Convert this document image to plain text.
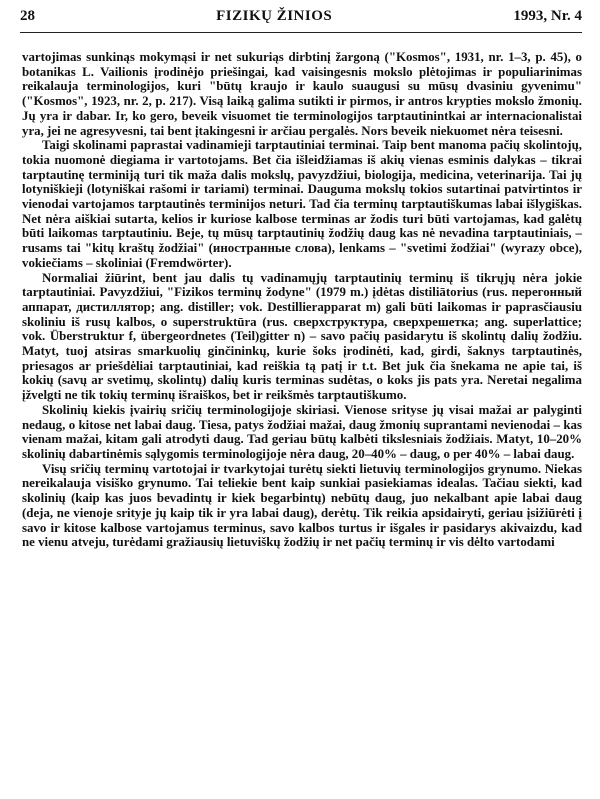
28	FIZIKŲ ŽINIOS	1993, Nr. 4

vartojimas sunkinąs mokymąsi ir net sukuriąs dirbtinį žargoną ("Kosmos", 1931, nr. 1–3, p. 45), o botanikas L. Vailionis įrodinėjo priešingai, kad vaisingesnis mokslo plėtojimas ir populiarinimas reikalauja terminologijos, kuri "būtų kraujo ir kaulo suaugusi su mūsų dvasiniu gyvenimu" ("Kosmos", 1923, nr. 2, p. 217). Visą laiką galima sutikti ir pirmos, ir antros krypties mokslo žmonių. Jų yra ir dabar. Ir, ko gero, beveik visuomet tie terminologijos tarptautinintkai ar internacionalistai yra, jei ne agresyvesni, tai bent įtakingesni ir arčiau pergalės. Nors beveik niekuomet nėra teisesni.

Taigi skolinami paprastai vadinamieji tarptautiniai terminai. Taip bent manoma pačių skolintojų, tokia nuomonė diegiama ir vartotojams. Bet čia išleidžiamas iš akių vienas esminis dalykas – tikrai tarptautinę terminiją turi tik maža dalis mokslų, pavyzdžiui, biologija, medicina, veterinarija. Tai jų lotyniškieji (lotyniškai rašomi ir tariami) terminai. Dauguma mokslų tokios sutartinai patvirtintos ir vienodai vartojamos tarptautinės terminijos neturi. Tad čia terminų tarptautiškumas labai išlygiškas. Net nėra aiškiai sutarta, kelios ir kuriose kalbose terminas ar žodis turi būti vartojamas, kad galėtų būti laikomas tarptautiniu. Beje, tų mūsų tarptautinių žodžių daug kas nė nevadina tarptautiniais, – rusams tai "kitų kraštų žodžiai" (иностранные слова), lenkams – "svetimi žodžiai" (wyrazy obce), vokiečiams – skoliniai (Fremdwörter).

Normaliai žiūrint, bent jau dalis tų vadinamųjų tarptautinių terminų iš tikrųjų nėra jokie tarptautiniai. Pavyzdžiui, "Fizikos terminų žodyne" (1979 m.) įdėtas distiliātorius (rus. перегонный аппарат, дистиллятор; ang. distiller; vok. Destillierapparat m) gali būti laikomas ir paprasčiausiu skoliniu iš rusų kalbos, o superstruktūra (rus. сверхструктура, сверхрешетка; ang. superlattice; vok. Überstruktur f, übergeordnetes (Teil)gitter n) – savo pačių pasidarytu iš skolintų dalių žodžiu. Matyt, tuoj atsiras smarkuolių ginčininkų, kurie šoks įrodinėti, kad, girdi, šaknys tarptautinės, priesagos ar priešdėliai tarptautiniai, kad reiškia tą patį ir t.t. Bet juk čia šnekama ne apie tai, iš kokių (savų ar svetimų, skolintų) dalių kuris terminas sudėtas, o koks jis pats yra. Neretai negalima įžvelgti ne tik tokių terminų išraiškos, bet ir reikšmės tarptautiškumo.

Skolinių kiekis įvairių sričių terminologijoje skiriasi. Vienose srityse jų visai mažai ar palyginti nedaug, o kitose net labai daug. Tiesa, patys žodžiai mažai, daug žmonių suprantami nevienodai – kas vienam mažai, kitam gali atrodyti daug. Tad geriau būtų kalbėti tikslesniais žodžiais. Matyt, 10–20% skolinių dabartinėmis sąlygomis terminologijoje nėra daug, 20–40% – daug, o per 40% – labai daug.

Visų sričių terminų vartotojai ir tvarkytojai turėtų siekti lietuvių terminologijos grynumo. Niekas nereikalauja visiško grynumo. Tai teliekie bent kaip sunkiai pasiekiamas idealas. Tačiau siekti, kad skolinių (kaip kas juos bevadintų ir kiek begarbintų) nebūtų daug, juo nekalbant apie labai daug (deja, ne vienoje srityje jų kaip tik ir yra labai daug), derėtų. Tik reikia apsidairyti, geriau įsižiūrėti į savo ir kitose kalbose vartojamus terminus, savo kalbos turtus ir išgales ir pasidarys akivaizdu, kad ne vienu atveju, turėdami gražiausių lietuviškų žodžių ir net pačių terminų ir vis dėlto vartodami
